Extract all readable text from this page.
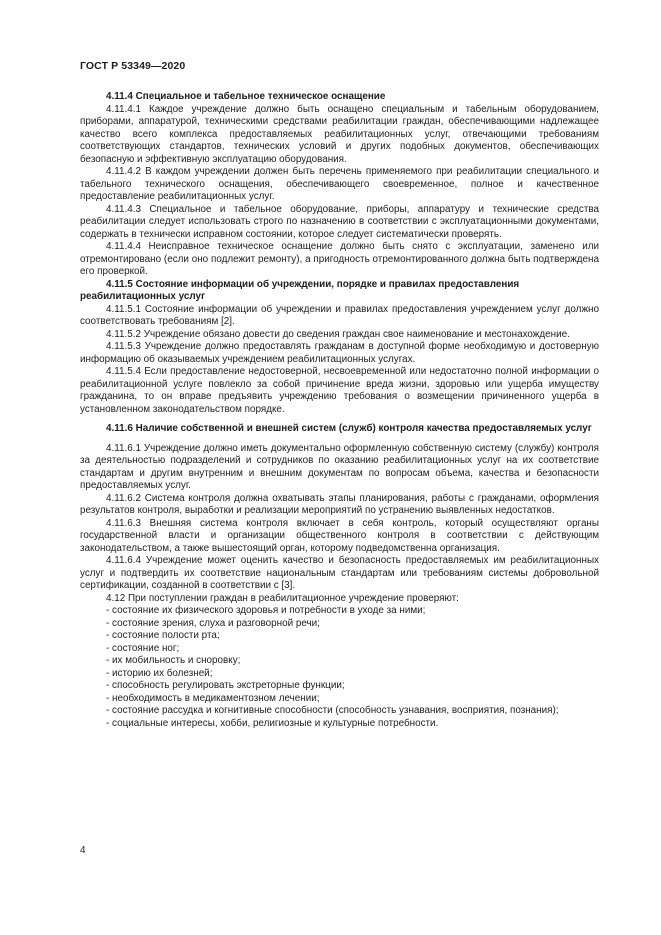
ГОСТ Р 53349—2020

4.11.4 Специальное и табельное техническое оснащение

4.11.4.1 Каждое учреждение должно быть оснащено специальным и табельным оборудованием, приборами, аппаратурой, техническими средствами реабилитации граждан, обеспечивающими надлежащее качество всего комплекса предоставляемых реабилитационных услуг, отвечающими требованиям соответствующих стандартов, технических условий и других подобных документов, обеспечивающих безопасную и эффективную эксплуатацию оборудования.

4.11.4.2 В каждом учреждении должен быть перечень применяемого при реабилитации специального и табельного технического оснащения, обеспечивающего своевременное, полное и качественное предоставление реабилитационных услуг.

4.11.4.3 Специальное и табельное оборудование, приборы, аппаратуру и технические средства реабилитации следует использовать строго по назначению в соответствии с эксплуатационными документами, содержать в технически исправном состоянии, которое следует систематически проверять.

4.11.4.4 Неисправное техническое оснащение должно быть снято с эксплуатации, заменено или отремонтировано (если оно подлежит ремонту), а пригодность отремонтированного должна быть подтверждена его проверкой.

4.11.5 Состояние информации об учреждении, порядке и правилах предоставления реабилитационных услуг

4.11.5.1 Состояние информации об учреждении и правилах предоставления учреждением услуг должно соответствовать требованиям [2].

4.11.5.2 Учреждение обязано довести до сведения граждан свое наименование и местонахождение.

4.11.5.3 Учреждение должно предоставлять гражданам в доступной форме необходимую и достоверную информацию об оказываемых учреждением реабилитационных услугах.

4.11.5.4 Если предоставление недостоверной, несвоевременной или недостаточно полной информации о реабилитационной услуге повлекло за собой причинение вреда жизни, здоровью или ущерба имуществу гражданина, то он вправе предъявить учреждению требования о возмещении причиненного ущерба в установленном законодательством порядке.

4.11.6 Наличие собственной и внешней систем (служб) контроля качества предоставляемых услуг

4.11.6.1 Учреждение должно иметь документально оформленную собственную систему (службу) контроля за деятельностью подразделений и сотрудников по оказанию реабилитационных услуг на их соответствие стандартам и другим внутренним и внешним документам по вопросам объема, качества и безопасности предоставляемых услуг.

4.11.6.2 Система контроля должна охватывать этапы планирования, работы с гражданами, оформления результатов контроля, выработки и реализации мероприятий по устранению выявленных недостатков.

4.11.6.3 Внешняя система контроля включает в себя контроль, который осуществляют органы государственной власти и организации общественного контроля в соответствии с действующим законодательством, а также вышестоящий орган, которому подведомственна организация.

4.11.6.4 Учреждение может оценить качество и безопасность предоставляемых им реабилитационных услуг и подтвердить их соответствие национальным стандартам или требованиям системы добровольной сертификации, созданной в соответствии с [3].

4.12 При поступлении граждан в реабилитационное учреждение проверяют:

- состояние их физического здоровья и потребности в уходе за ними;

- состояние зрения, слуха и разговорной речи;

- состояние полости рта;

- состояние ног;

- их мобильность и сноровку;

- историю их болезней;

- способность регулировать экстреторные функции;

- необходимость в медикаментозном лечении;

- состояние рассудка и когнитивные способности (способность узнавания, восприятия, познания);

- социальные интересы, хобби, религиозные и культурные потребности.

4
